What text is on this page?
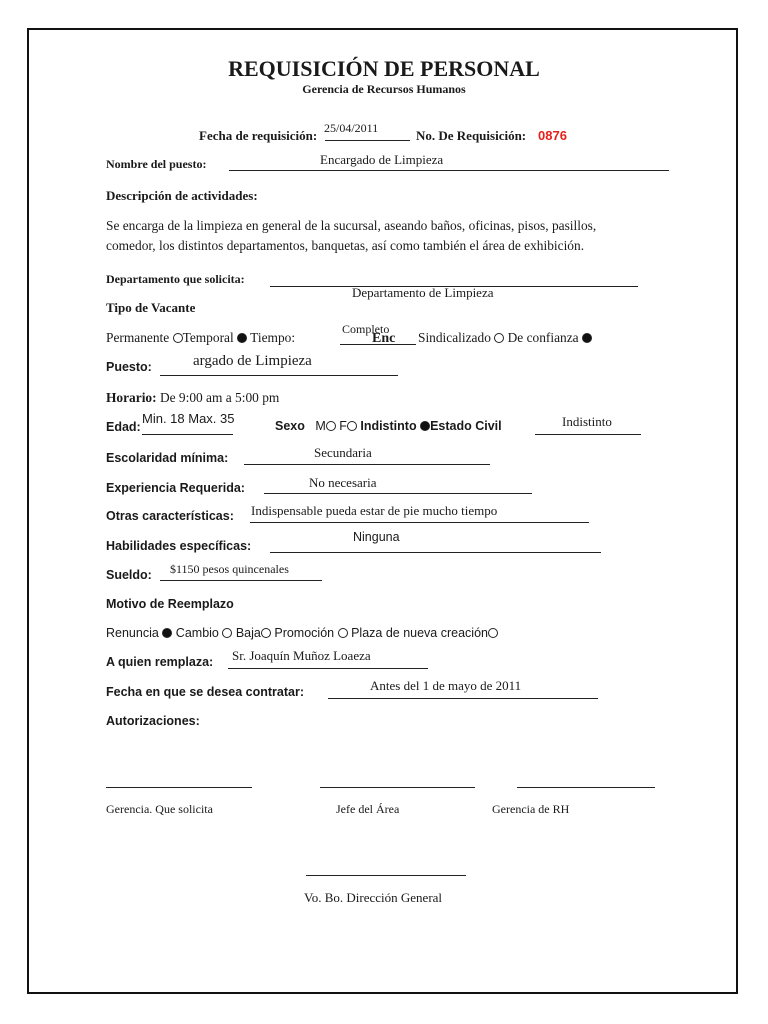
REQUISICIÓN DE PERSONAL
Gerencia de Recursos Humanos
Fecha de requisición: 25/04/2011	No. De Requisición: 0876
Nombre del puesto:	Encargado de Limpieza
Descripción de actividades:
Se encarga de la limpieza en general de la sucursal, aseando baños, oficinas, pisos, pasillos,
comedor, los distintos departamentos, banquetas, así como también el área de exhibición.
Departamento que solicita:
Departamento de Limpieza
Tipo de Vacante
Permanente Temporal Tiempo:
Completo
Enc Sindicalizado De confianza
Puesto:	argado de Limpieza
Horario: De 9:00 am a 5:00 pm
Edad:
Min. 18 Max. 35	Sexo M F Indistinto Estado Civil	Indistinto
Escolaridad mínima:	Secundaria
Experiencia Requerida:	No necesaria
Otras características: Indispensable pueda estar de pie mucho tiempo
Habilidades específicas:
Ninguna
Sueldo: $1150 pesos quincenales
Motivo de Reemplazo
Renuncia Cambio Baja Promoción Plaza de nueva creación
A quien remplaza: Sr. Joaquín Muñoz Loaeza
Fecha en que se desea contratar:	Antes del 1 de mayo de 2011
Autorizaciones:
Gerencia. Que solicita	Jefe del Área	Gerencia de RH
Vo. Bo. Dirección General
